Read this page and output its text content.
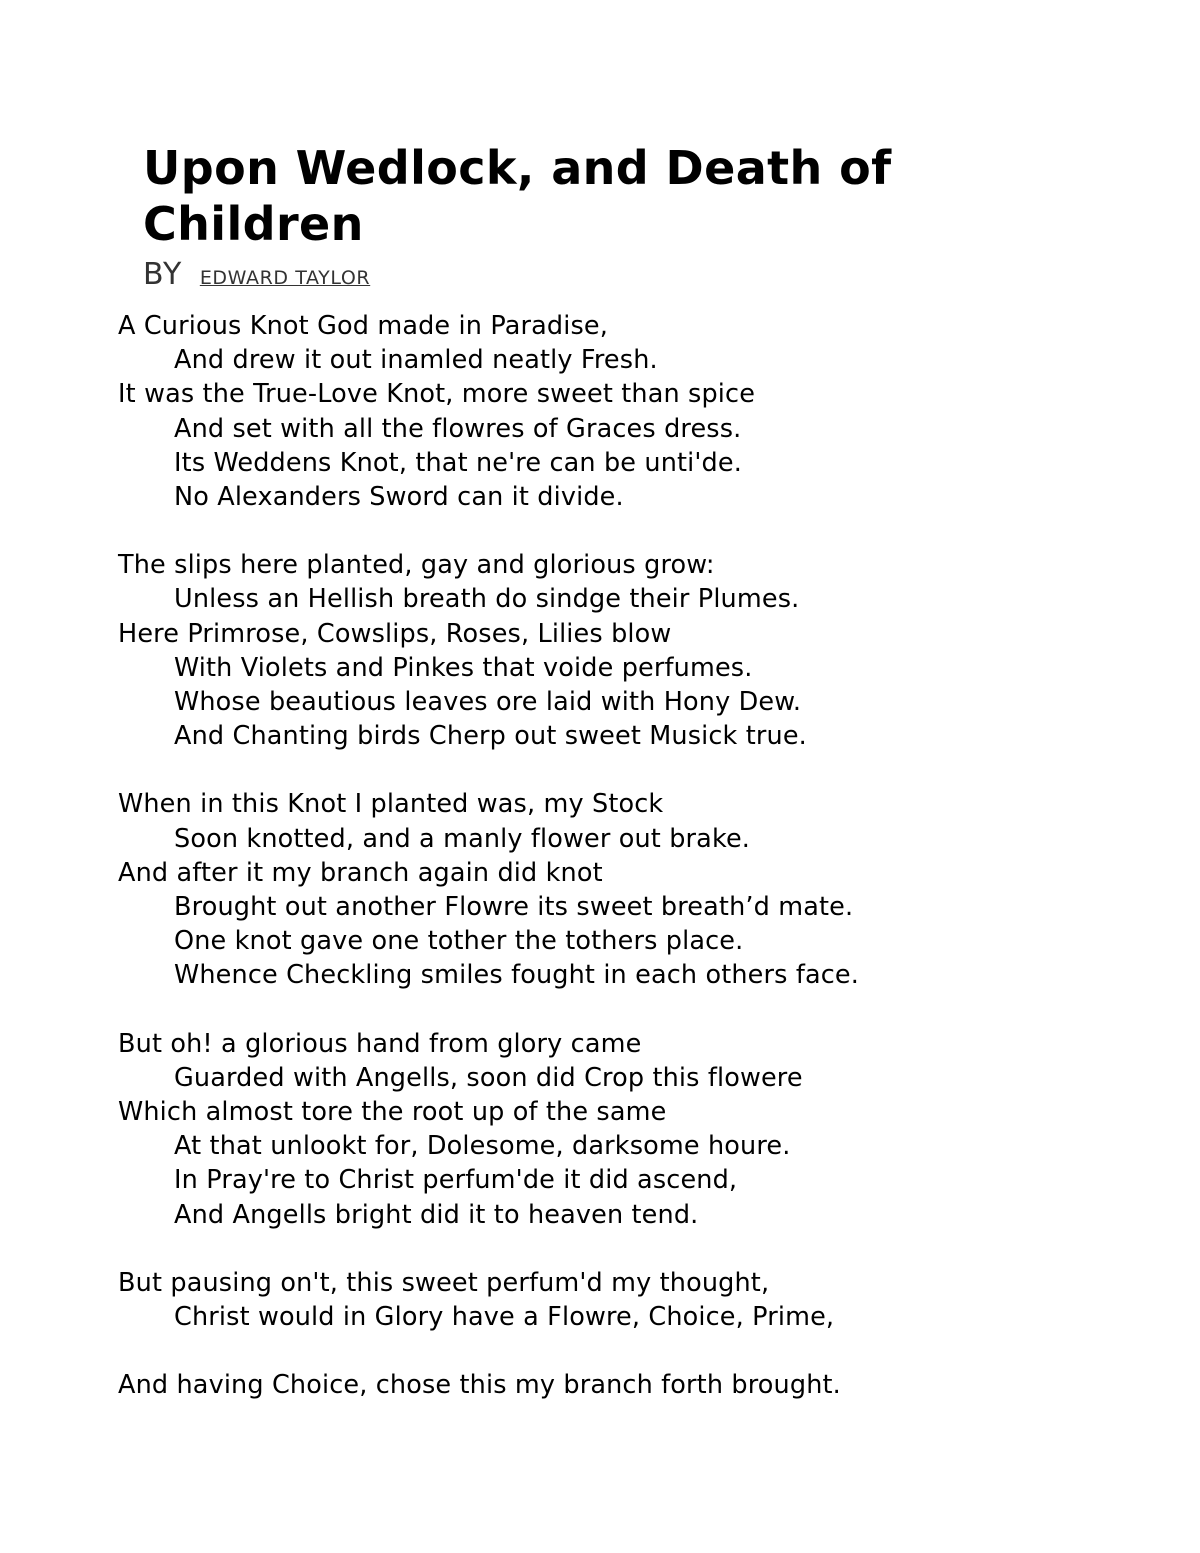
Upon Wedlock, and Death of Children

BY EDWARD TAYLOR

A Curious Knot God made in Paradise,
And drew it out inamled neatly Fresh.
It was the True-Love Knot, more sweet than spice
And set with all the flowres of Graces dress.
Its Weddens Knot, that ne're can be unti'de.
No Alexanders Sword can it divide.
The slips here planted, gay and glorious grow:
Unless an Hellish breath do sindge their Plumes.
Here Primrose, Cowslips, Roses, Lilies blow
With Violets and Pinkes that voide perfumes.
Whose beautious leaves ore laid with Hony Dew.
And Chanting birds Cherp out sweet Musick true.
When in this Knot I planted was, my Stock
Soon knotted, and a manly flower out brake.
And after it my branch again did knot
Brought out another Flowre its sweet breath’d mate.
One knot gave one tother the tothers place.
Whence Checkling smiles fought in each others face.
But oh! a glorious hand from glory came
Guarded with Angells, soon did Crop this flowere
Which almost tore the root up of the same
At that unlookt for, Dolesome, darksome houre.
In Pray're to Christ perfum'de it did ascend,
And Angells bright did it to heaven tend.
But pausing on't, this sweet perfum'd my thought,
Christ would in Glory have a Flowre, Choice, Prime,
And having Choice, chose this my branch forth brought.
